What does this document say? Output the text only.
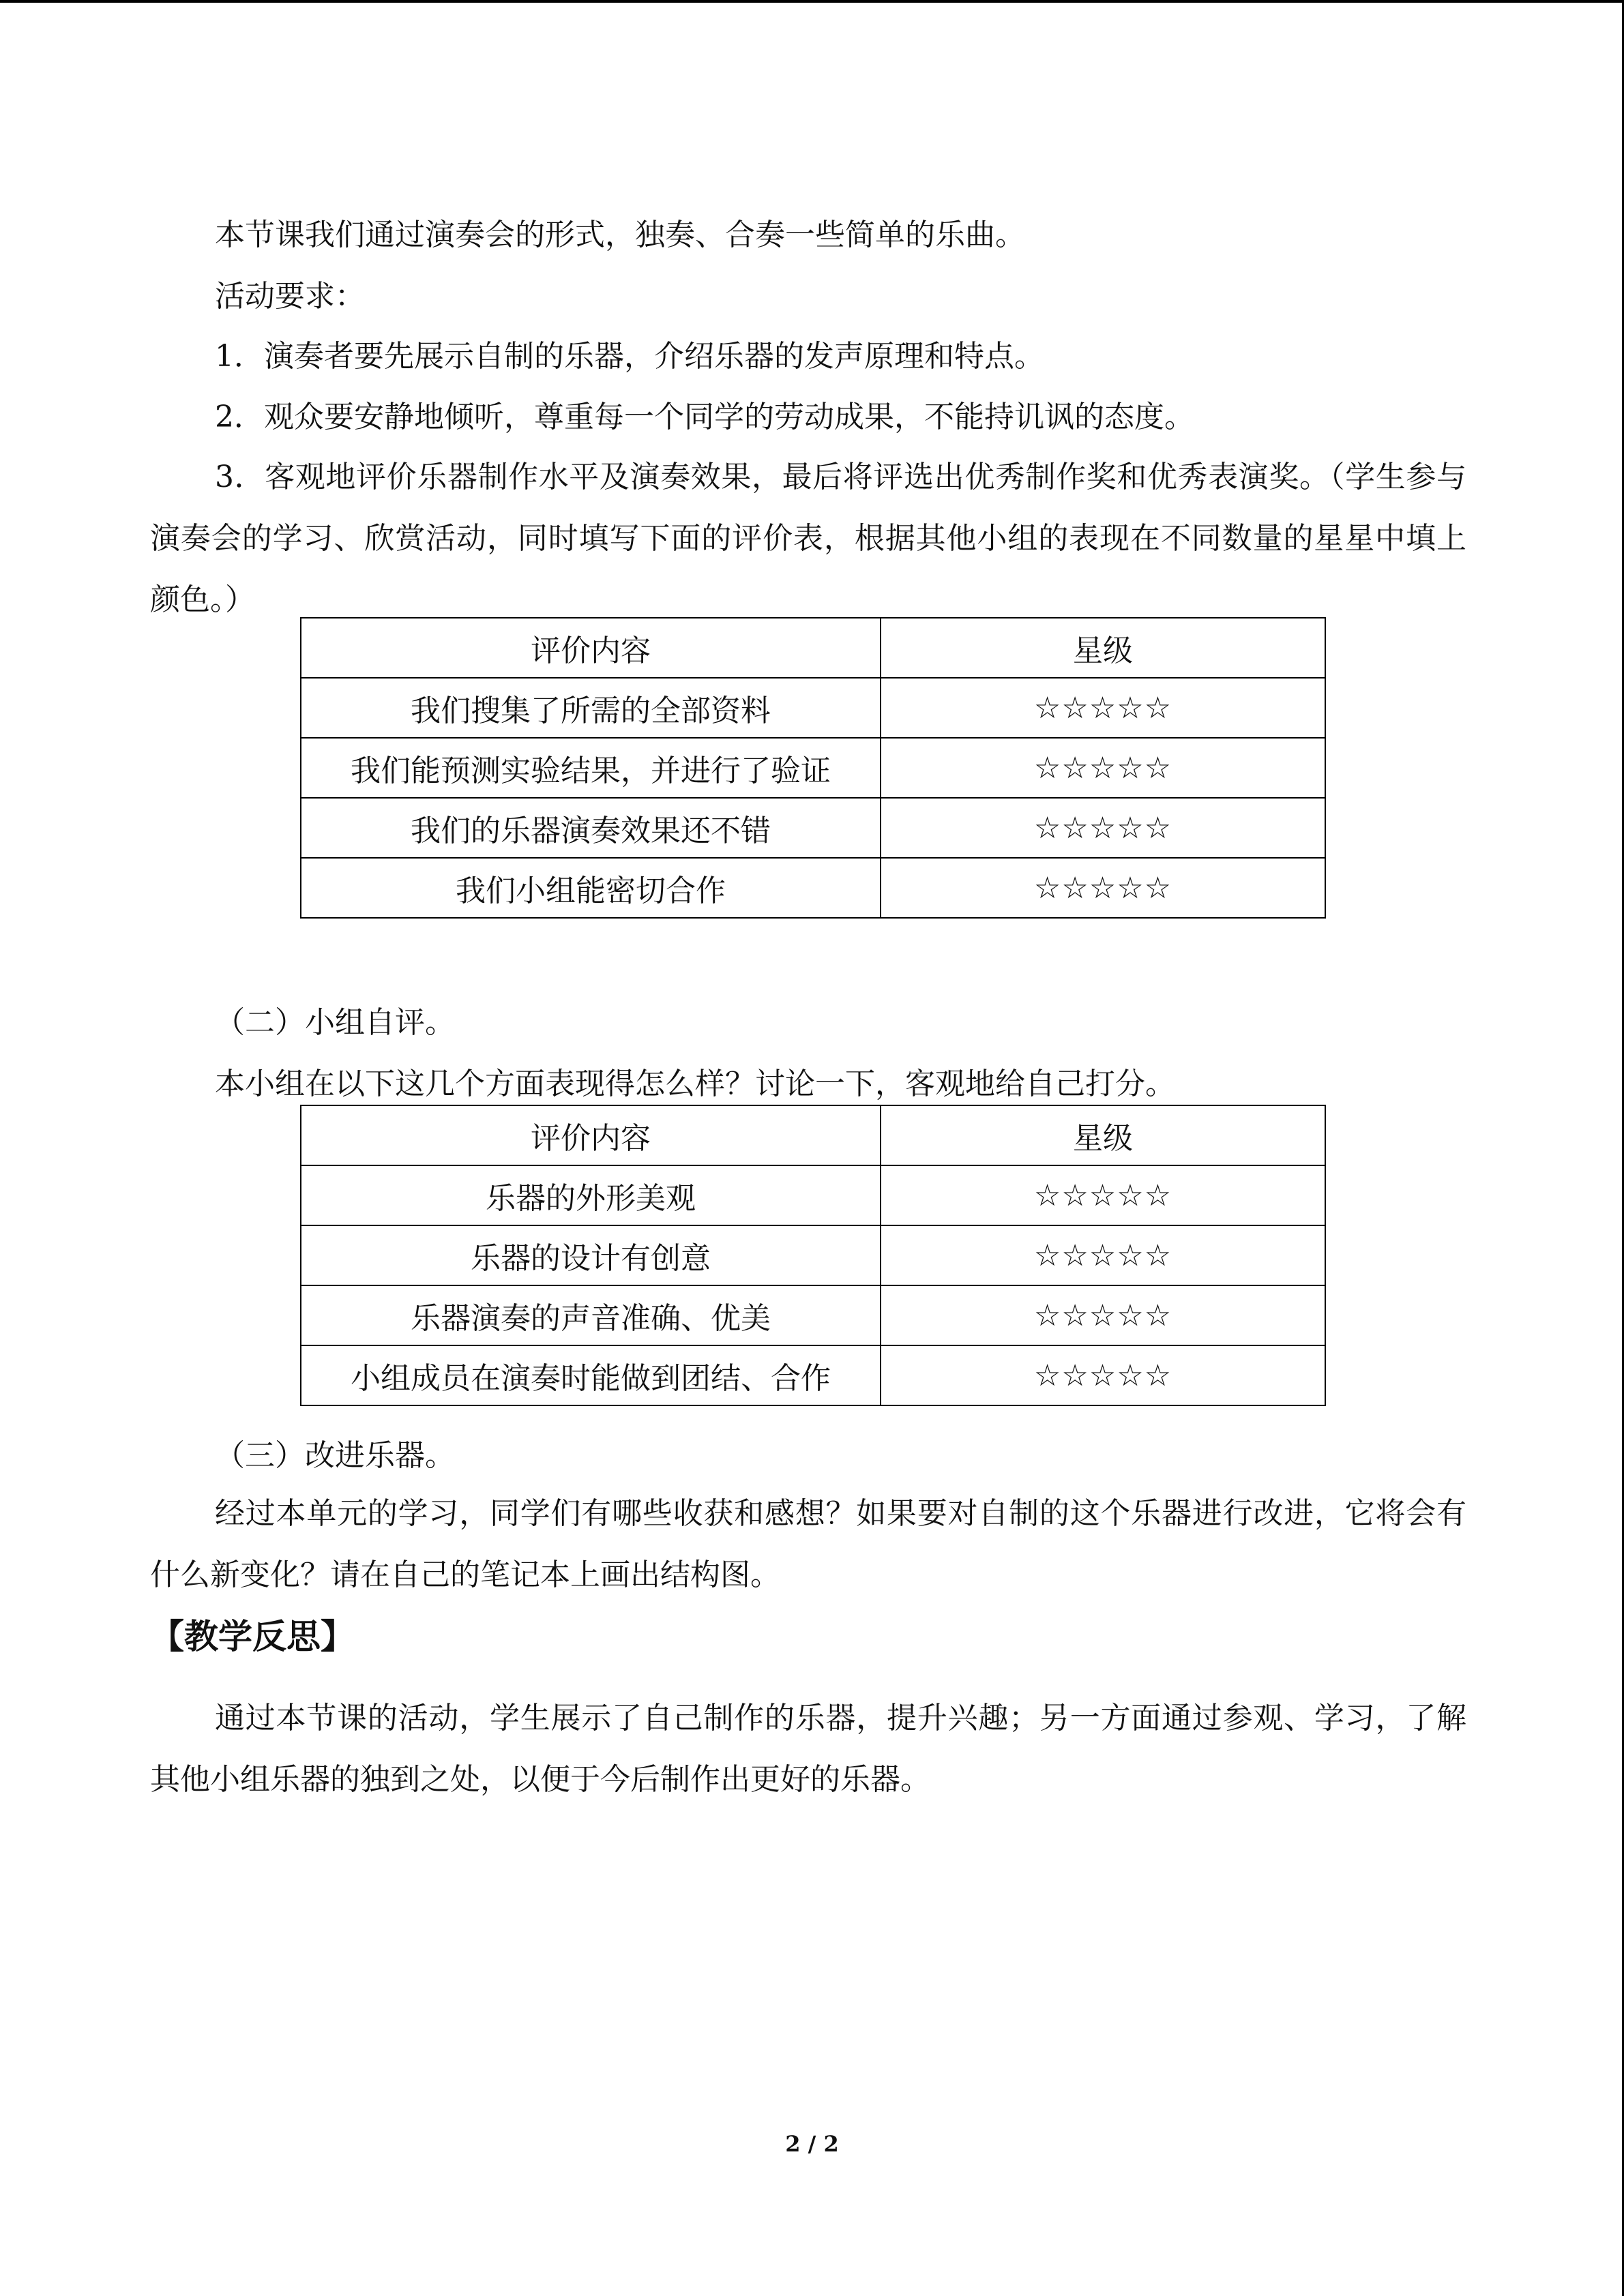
本节课我们通过演奏会的形式，独奏、合奏一些简单的乐曲。
活动要求：
1．演奏者要先展示自制的乐器，介绍乐器的发声原理和特点。
2．观众要安静地倾听，尊重每一个同学的劳动成果，不能持讥讽的态度。
3．客观地评价乐器制作水平及演奏效果，最后将评选出优秀制作奖和优秀表演奖。（学生参与演奏会的学习、欣赏活动，同时填写下面的评价表，根据其他小组的表现在不同数量的星星中填上颜色。）
评价内容	星级
我们搜集了所需的全部资料	☆☆☆☆☆
我们能预测实验结果，并进行了验证	☆☆☆☆☆
我们的乐器演奏效果还不错	☆☆☆☆☆
我们小组能密切合作	☆☆☆☆☆
（二）小组自评。
本小组在以下这几个方面表现得怎么样？讨论一下，客观地给自己打分。
评价内容	星级
乐器的外形美观	☆☆☆☆☆
乐器的设计有创意	☆☆☆☆☆
乐器演奏的声音准确、优美	☆☆☆☆☆
小组成员在演奏时能做到团结、合作	☆☆☆☆☆
（三）改进乐器。
经过本单元的学习，同学们有哪些收获和感想？如果要对自制的这个乐器进行改进，它将会有什么新变化？请在自己的笔记本上画出结构图。
【教学反思】
通过本节课的活动，学生展示了自己制作的乐器，提升兴趣；另一方面通过参观、学习，了解其他小组乐器的独到之处，以便于今后制作出更好的乐器。
2 / 2
